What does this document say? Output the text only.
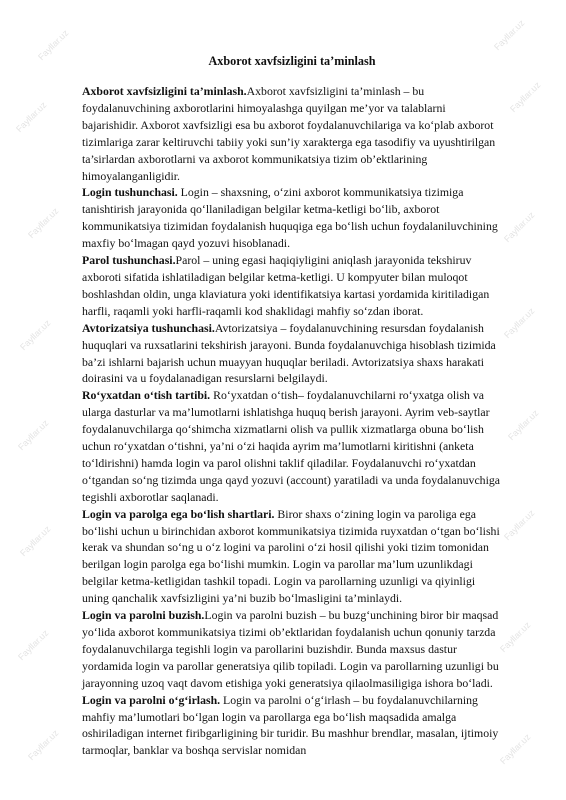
Fayllar.uz	Fayllar.uz
Fayllar.uz
Fayllar.uz
Fayllar.uz	Fayllar.uz
Fayllar.uz	Fayllar.uz
Fayllar.uz	Fayllar.uz
Fayllar.uz	Fayllar.uz
Fayllar.uz	Fayllar.uz
Fayllar.uz	Fayllar.uz
Axborot xavfsizligini ta’minlash

Axborot xavfsizligini ta’minlash.Axborot xavfsizligini ta’minlash – bu foydalanuvchining axborotlarini himoyalashga quyilgan me’yor va talablarni bajarishidir. Axborot xavfsizligi esa bu axborot foydalanuvchilariga va ko‘plab axborot tizimlariga zarar keltiruvchi tabiiy yoki sun’iy xarakterga ega tasodifiy va uyushtirilgan ta’sirlardan axborotlarni va axborot kommunikatsiya tizim ob’ektlarining himoyalanganligidir.

Login tushunchasi. Login – shaxsning, o‘zini axborot kommunikatsiya tizimiga tanishtirish jarayonida qo‘llaniladigan belgilar ketma-ketligi bo‘lib, axborot kommunikatsiya tizimidan foydalanish huquqiga ega bo‘lish uchun foydalaniluvchining maxfiy bo‘lmagan qayd yozuvi hisoblanadi.

Parol tushunchasi.Parol – uning egasi haqiqiyligini aniqlash jarayonida tekshiruv axboroti sifatida ishlatiladigan belgilar ketma-ketligi. U kompyuter bilan muloqot boshlashdan oldin, unga klaviatura yoki identifikatsiya kartasi yordamida kiritiladigan harfli, raqamli yoki harfli-raqamli kod shaklidagi mahfiy so‘zdan iborat.

Avtorizatsiya tushunchasi.Avtorizatsiya – foydalanuvchining resursdan foydalanish huquqlari va ruxsatlarini tekshirish jarayoni. Bunda foydalanuvchiga hisoblash tizimida ba’zi ishlarni bajarish uchun muayyan huquqlar beriladi. Avtorizatsiya shaxs harakati doirasini va u foydalanadigan resurslarni belgilaydi.

Ro‘yxatdan o‘tish tartibi. Ro‘yxatdan o‘tish– foydalanuvchilarni ro‘yxatga olish va ularga dasturlar va ma’lumotlarni ishlatishga huquq berish jarayoni. Ayrim veb-saytlar foydalanuvchilarga qo‘shimcha xizmatlarni olish va pullik xizmatlarga obuna bo‘lish uchun ro‘yxatdan o‘tishni, ya’ni o‘zi haqida ayrim ma’lumotlarni kiritishni (anketa to‘ldirishni) hamda login va parol olishni taklif qiladilar. Foydalanuvchi ro‘yxatdan o‘tgandan so‘ng tizimda unga qayd yozuvi (account) yaratiladi va unda foydalanuvchiga tegishli axborotlar saqlanadi.

Login va parolga ega bo‘lish shartlari. Biror shaxs o‘zining login va paroliga ega bo‘lishi uchun u birinchidan axborot kommunikatsiya tizimida ruyxatdan o‘tgan bo‘lishi kerak va shundan so‘ng u o‘z logini va parolini o‘zi hosil qilishi yoki tizim tomonidan berilgan login parolga ega bo‘lishi mumkin. Login va parollar ma’lum uzunlikdagi belgilar ketma-ketligidan tashkil topadi. Login va parollarning uzunligi va qiyinligi uning qanchalik xavfsizligini ya’ni buzib bo‘lmasligini ta’minlaydi.

Login va parolni buzish.Login va parolni buzish – bu buzg‘unchining biror bir maqsad yo‘lida axborot kommunikatsiya tizimi ob’ektlaridan foydalanish uchun qonuniy tarzda foydalanuvchilarga tegishli login va parollarini buzishdir. Bunda maxsus dastur yordamida login va parollar generatsiya qilib topiladi. Login va parollarning uzunligi bu jarayonning uzoq vaqt davom etishiga yoki generatsiya qilaolmasiligiga ishora bo‘ladi.

Login va parolni o‘g‘irlash. Login va parolni o‘g‘irlash – bu foydalanuvchilarning mahfiy ma’lumotlari bo‘lgan login va parollarga ega bo‘lish maqsadida amalga oshiriladigan internet firibgarligining bir turidir. Bu mashhur brendlar, masalan, ijtimoiy tarmoqlar, banklar va boshqa servislar nomidan
